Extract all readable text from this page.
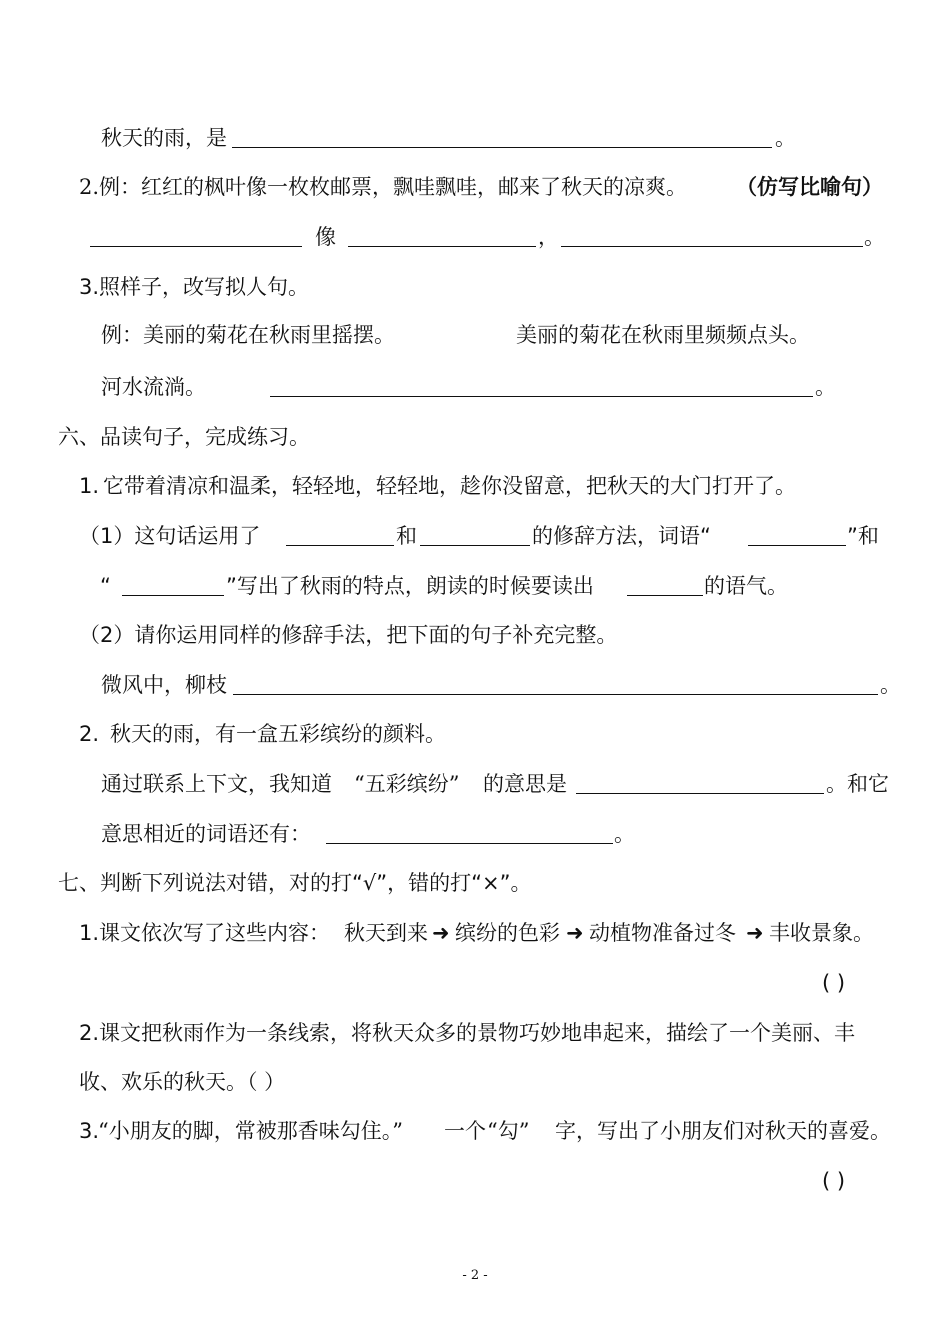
秋天的雨，是	。
2.例：红红的枫叶像一枚枚邮票，飘哇飘哇，邮来了秋天的凉爽。 （仿写比喻句）
像	，	。
3.照样子，改写拟人句。
例：美丽的菊花在秋雨里摇摆。	美丽的菊花在秋雨里频频点头。
河水流淌。	。
六、品读句子，完成练习。
1. 它带着清凉和温柔，轻轻地，轻轻地，趁你没留意，把秋天的大门打开了。
（1）这句话运用了	和	的修辞方法，词语“	”和
“	”写出了秋雨的特点，朗读的时候要读出	的语气。
（2）请你运用同样的修辞手法，把下面的句子补充完整。
微风中，柳枝	。
2. 秋天的雨，有一盒五彩缤纷的颜料。
通过联系上下文，我知道 “五彩缤纷” 的意思是	。和它
意思相近的词语还有：	。
七、判断下列说法对错，对的打“√”，错的打“×”。
1.课文依次写了这些内容： 秋天到来 ➜ 缤纷的色彩 ➜ 动植物准备过冬 ➜ 丰收景象。
( )
2.课文把秋雨作为一条线索，将秋天众多的景物巧妙地串起来，描绘了一个美丽、丰
收、欢乐的秋天。（ ）
3.
“小朋友的脚，常被那香味勾住。” 一个 “勾” 字，写出了小朋友们对秋天的喜爱。
( )
- 2 -
